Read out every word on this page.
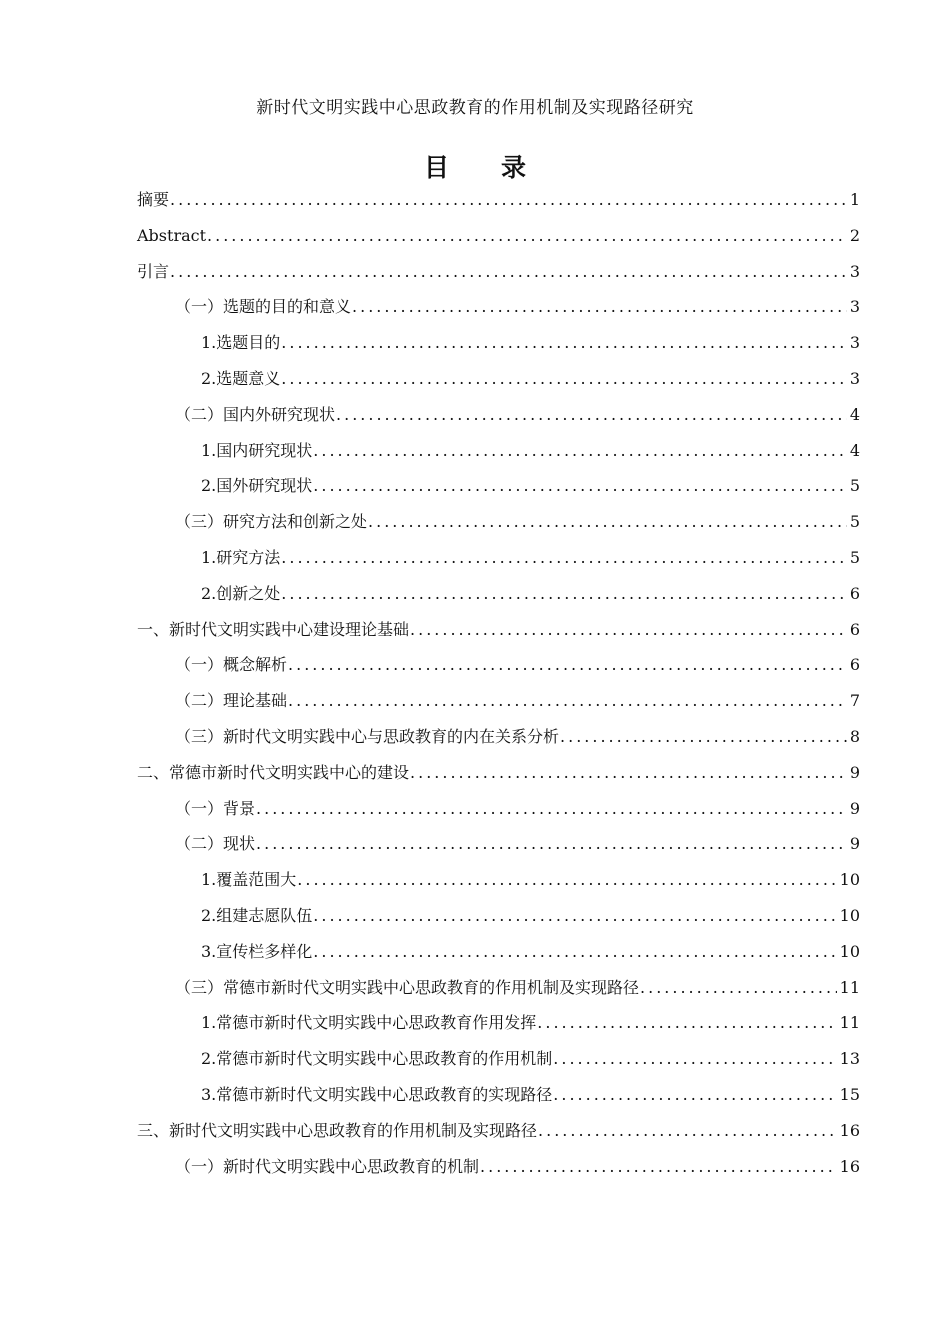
新时代文明实践中心思政教育的作用机制及实现路径研究
目 录
摘要 .....	1
Abstract .....	2
引言 .....	3
（一）选题的目的和意义 .....	3
1.选题目的 .....	3
2.选题意义 .....	3
（二）国内外研究现状 .....	4
1.国内研究现状 .....	4
2.国外研究现状 .....	5
（三）研究方法和创新之处 .....	5
1.研究方法 .....	5
2.创新之处 .....	6
一、新时代文明实践中心建设理论基础 .....	6
（一）概念解析 .....	6
（二）理论基础 .....	7
（三）新时代文明实践中心与思政教育的内在关系分析 .....	8
二、常德市新时代文明实践中心的建设 .....	9
（一）背景 .....	9
（二）现状 .....	9
1.覆盖范围大 .....	10
2.组建志愿队伍 .....	10
3.宣传栏多样化 .....	10
（三）常德市新时代文明实践中心思政教育的作用机制及实现路径 .....	11
1.常德市新时代文明实践中心思政教育作用发挥 .....	11
2.常德市新时代文明实践中心思政教育的作用机制 .....	13
3.常德市新时代文明实践中心思政教育的实现路径 .....	15
三、新时代文明实践中心思政教育的作用机制及实现路径 .....	16
（一）新时代文明实践中心思政教育的机制 .....	16
